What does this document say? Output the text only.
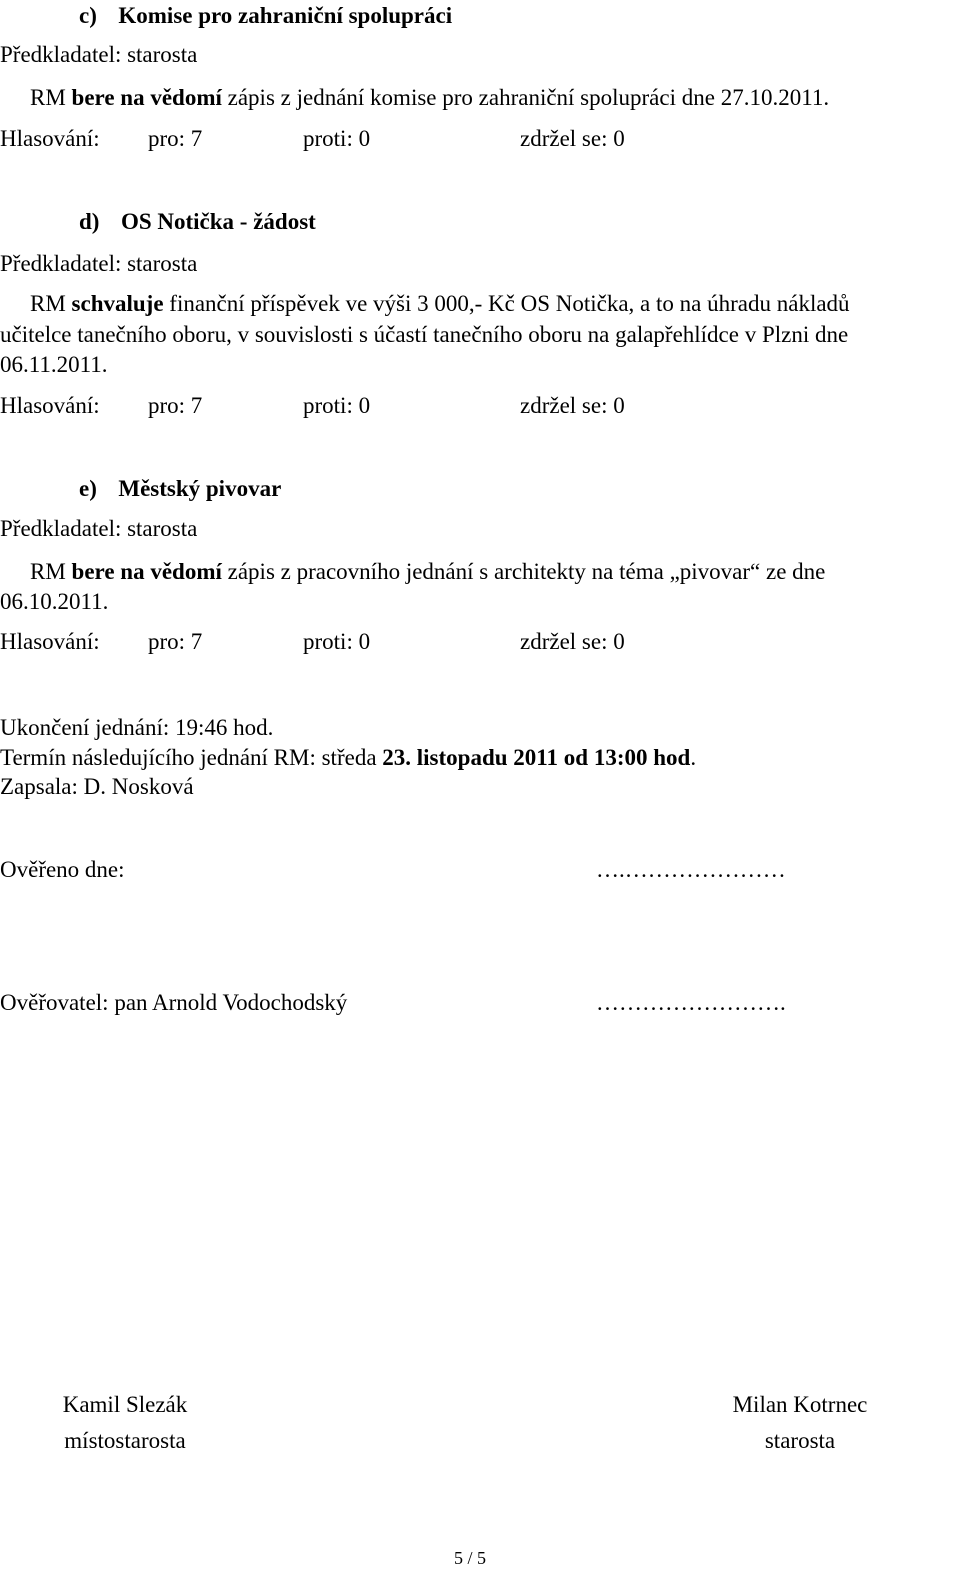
c) Komise pro zahraniční spolupráci
Předkladatel: starosta
RM bere na vědomí zápis z jednání komise pro zahraniční spolupráci dne 27.10.2011.
Hlasování: pro: 7	proti: 0	zdržel se: 0
d) OS Notička - žádost
Předkladatel: starosta
RM schvaluje finanční příspěvek ve výši 3 000,- Kč OS Notička, a to na úhradu nákladů
učitelce tanečního oboru, v souvislosti s účastí tanečního oboru na galapřehlídce v Plzni dne
06.11.2011.
Hlasování: pro: 7	proti: 0	zdržel se: 0
e) Městský pivovar
Předkladatel: starosta
RM bere na vědomí zápis z pracovního jednání s architekty na téma „pivovar“ ze dne
06.10.2011.
Hlasování: pro: 7	proti: 0	zdržel se: 0
Ukončení jednání: 19:46 hod.
Termín následujícího jednání RM: středa 23. listopadu 2011 od 13:00 hod.
Zapsala: D. Nosková
Ověřeno dne:	….…………………
Ověřovatel: pan Arnold Vodochodský	…………………….
Kamil Slezák
místostarosta
Milan Kotrnec
starosta
5 / 5
